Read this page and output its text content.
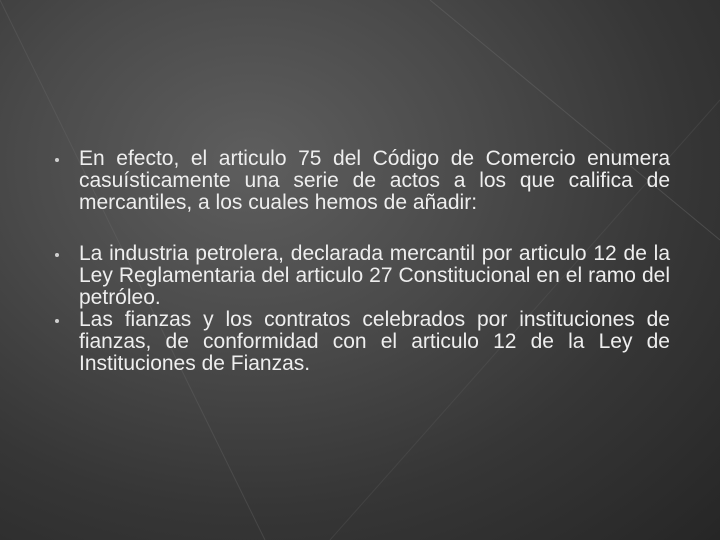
En efecto, el articulo 75 del Código de Comercio enumera casuísticamente una serie de actos a los que califica de mercantiles, a los cuales hemos de añadir:
La industria petrolera, declarada mercantil por articulo 12 de la Ley Reglamentaria del articulo 27 Constitucional en el ramo del petróleo.
Las fianzas y los contratos celebrados por instituciones de fianzas, de conformidad con el articulo 12 de la Ley de Instituciones de Fianzas.
